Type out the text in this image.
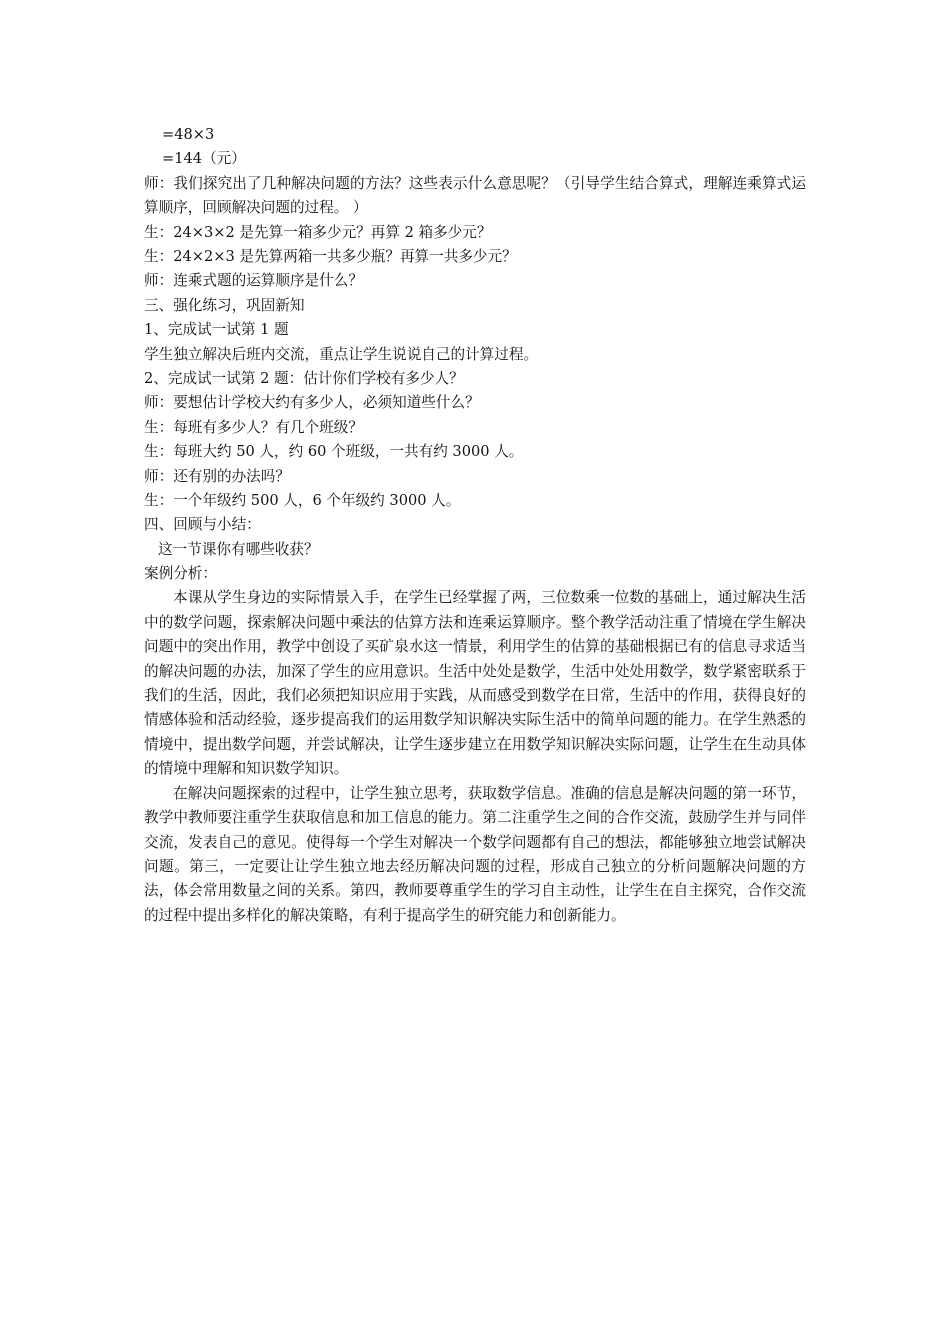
=48×3
=144（元）
师：我们探究出了几种解决问题的方法？这些表示什么意思呢？（引导学生结合算式，理解连乘算式运算顺序，回顾解决问题的过程。 ）
生：24×3×2 是先算一箱多少元？再算 2 箱多少元？
生：24×2×3 是先算两箱一共多少瓶？再算一共多少元？
师：连乘式题的运算顺序是什么？
三、强化练习，巩固新知
1、完成试一试第 1 题
学生独立解决后班内交流，重点让学生说说自己的计算过程。
2、完成试一试第 2 题：估计你们学校有多少人？
师：要想估计学校大约有多少人，必须知道些什么？
生：每班有多少人？有几个班级？
生：每班大约 50 人，约 60 个班级，一共有约 3000 人。
师：还有别的办法吗？
生：一个年级约 500 人，6 个年级约 3000 人。
四、回顾与小结：
这一节课你有哪些收获？
案例分析：

本课从学生身边的实际情景入手，在学生已经掌握了两，三位数乘一位数的基础上，通过解决生活中的数学问题，探索解决问题中乘法的估算方法和连乘运算顺序。整个教学活动注重了情境在学生解决问题中的突出作用，教学中创设了买矿泉水这一情景，利用学生的估算的基础根据已有的信息寻求适当的解决问题的办法，加深了学生的应用意识。生活中处处是数学，生活中处处用数学，数学紧密联系于我们的生活，因此，我们必须把知识应用于实践，从而感受到数学在日常，生活中的作用，获得良好的情感体验和活动经验，逐步提高我们的运用数学知识解决实际生活中的简单问题的能力。在学生熟悉的情境中，提出数学问题，并尝试解决，让学生逐步建立在用数学知识解决实际问题，让学生在生动具体的情境中理解和知识数学知识。

在解决问题探索的过程中，让学生独立思考，获取数学信息。准确的信息是解决问题的第一环节，教学中教师要注重学生获取信息和加工信息的能力。第二注重学生之间的合作交流，鼓励学生并与同伴交流，发表自己的意见。使得每一个学生对解决一个数学问题都有自己的想法，都能够独立地尝试解决问题。第三，一定要让让学生独立地去经历解决问题的过程，形成自己独立的分析问题解决问题的方法，体会常用数量之间的关系。第四，教师要尊重学生的学习自主动性，让学生在自主探究，合作交流的过程中提出多样化的解决策略，有利于提高学生的研究能力和创新能力。
